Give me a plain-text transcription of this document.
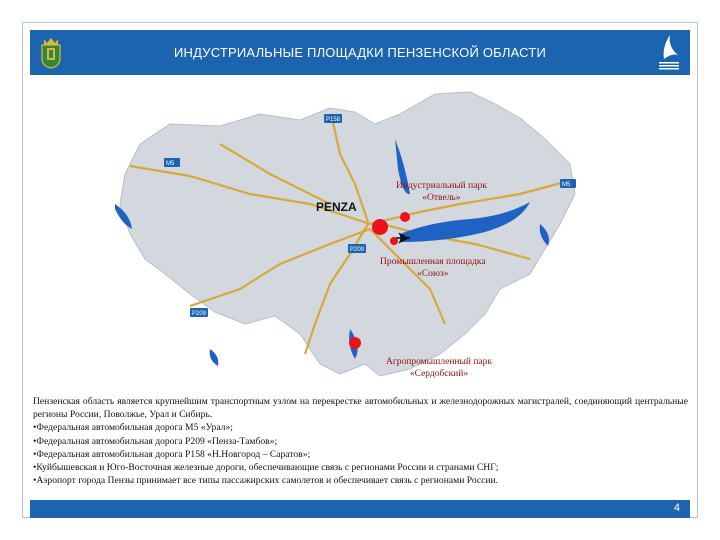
ИНДУСТРИАЛЬНЫЕ ПЛОЩАДКИ ПЕНЗЕНСКОЙ ОБЛАСТИ
P158
M5
M5
P209
P209
PENZA
Индустриальный парк
«Отвель»
Промышленная площадка
«Союз»
Агропромышленный парк
«Сердобский»

Пензенская область является крупнейшим транспортным узлом на перекрестке автомобильных и железнодорожных магистралей, соединяющий центральные регионы России, Поволжье, Урал и Сибирь.

•Федеральная автомобильная дорога М5 «Урал»;
•Федеральная автомобильная дорога Р209 «Пенза-Тамбов»;
•Федеральная автомобильная дорога Р158 «Н.Новгород – Саратов»;
•Куйбышевская и Юго-Восточная железные дороги, обеспечивающие связь с регионами России и странами СНГ;
•Аэропорт города Пензы принимает все типы пассажирских самолетов и обеспечивает связь с регионами России.
4
